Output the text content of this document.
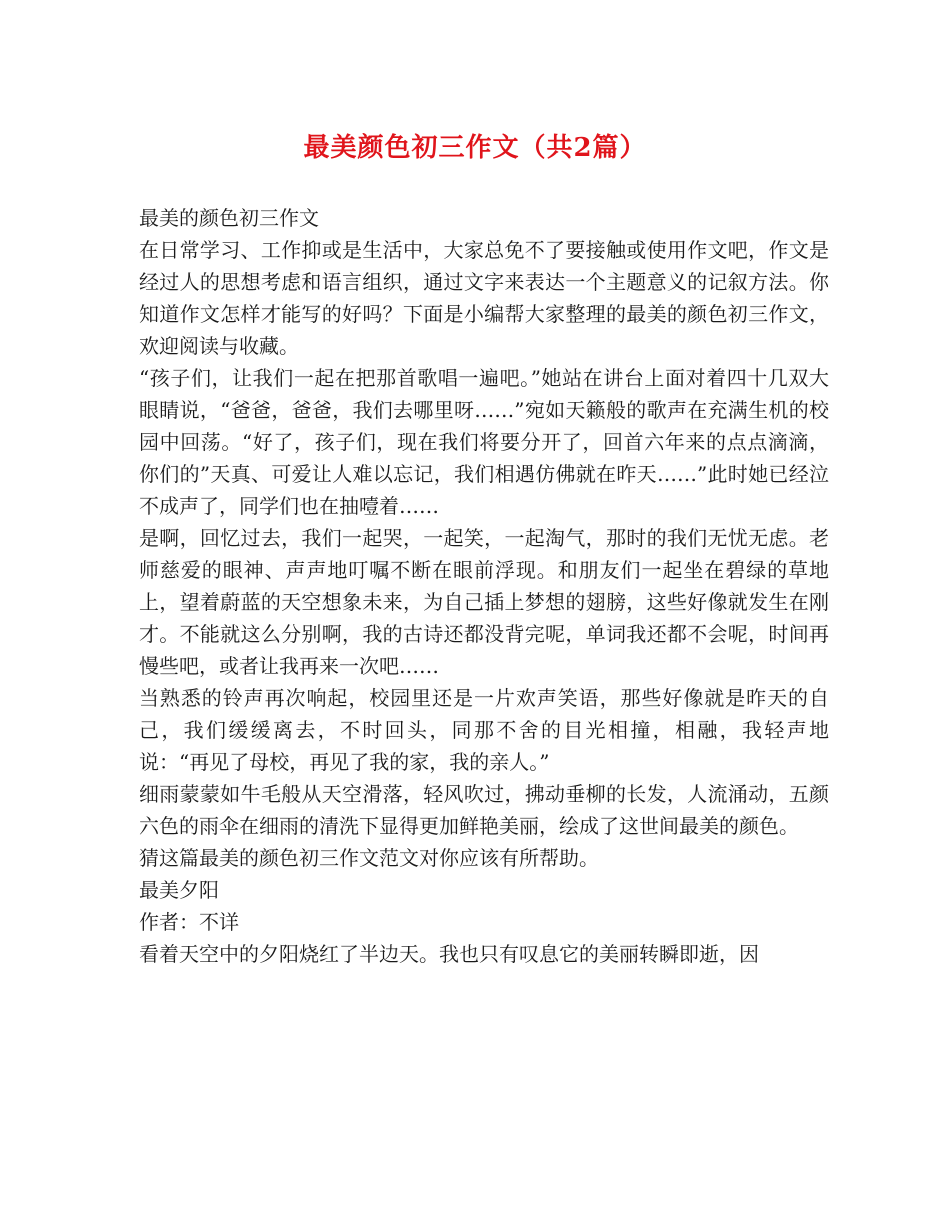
最美颜色初三作文（共2篇）

最美的颜色初三作文

在日常学习、工作抑或是生活中，大家总免不了要接触或使用作文吧，作文是经过人的思想考虑和语言组织，通过文字来表达一个主题意义的记叙方法。你知道作文怎样才能写的好吗？下面是小编帮大家整理的最美的颜色初三作文，欢迎阅读与收藏。

“孩子们，让我们一起在把那首歌唱一遍吧。”她站在讲台上面对着四十几双大眼睛说，“爸爸，爸爸，我们去哪里呀……”宛如天籁般的歌声在充满生机的校园中回荡。“好了，孩子们，现在我们将要分开了，回首六年来的点点滴滴，你们的”天真、可爱让人难以忘记，我们相遇仿佛就在昨天……”此时她已经泣不成声了，同学们也在抽噎着……

是啊，回忆过去，我们一起哭，一起笑，一起淘气，那时的我们无忧无虑。老师慈爱的眼神、声声地叮嘱不断在眼前浮现。和朋友们一起坐在碧绿的草地上，望着蔚蓝的天空想象未来，为自己插上梦想的翅膀，这些好像就发生在刚才。不能就这么分别啊，我的古诗还都没背完呢，单词我还都不会呢，时间再慢些吧，或者让我再来一次吧……

当熟悉的铃声再次响起，校园里还是一片欢声笑语，那些好像就是昨天的自己，我们缓缓离去，不时回头，同那不舍的目光相撞，相融，我轻声地说：“再见了母校，再见了我的家，我的亲人。”

细雨蒙蒙如牛毛般从天空滑落，轻风吹过，拂动垂柳的长发，人流涌动，五颜六色的雨伞在细雨的清洗下显得更加鲜艳美丽，绘成了这世间最美的颜色。

猜这篇最美的颜色初三作文范文对你应该有所帮助。

最美夕阳

作者：不详

看着天空中的夕阳烧红了半边天。我也只有叹息它的美丽转瞬即逝，因
